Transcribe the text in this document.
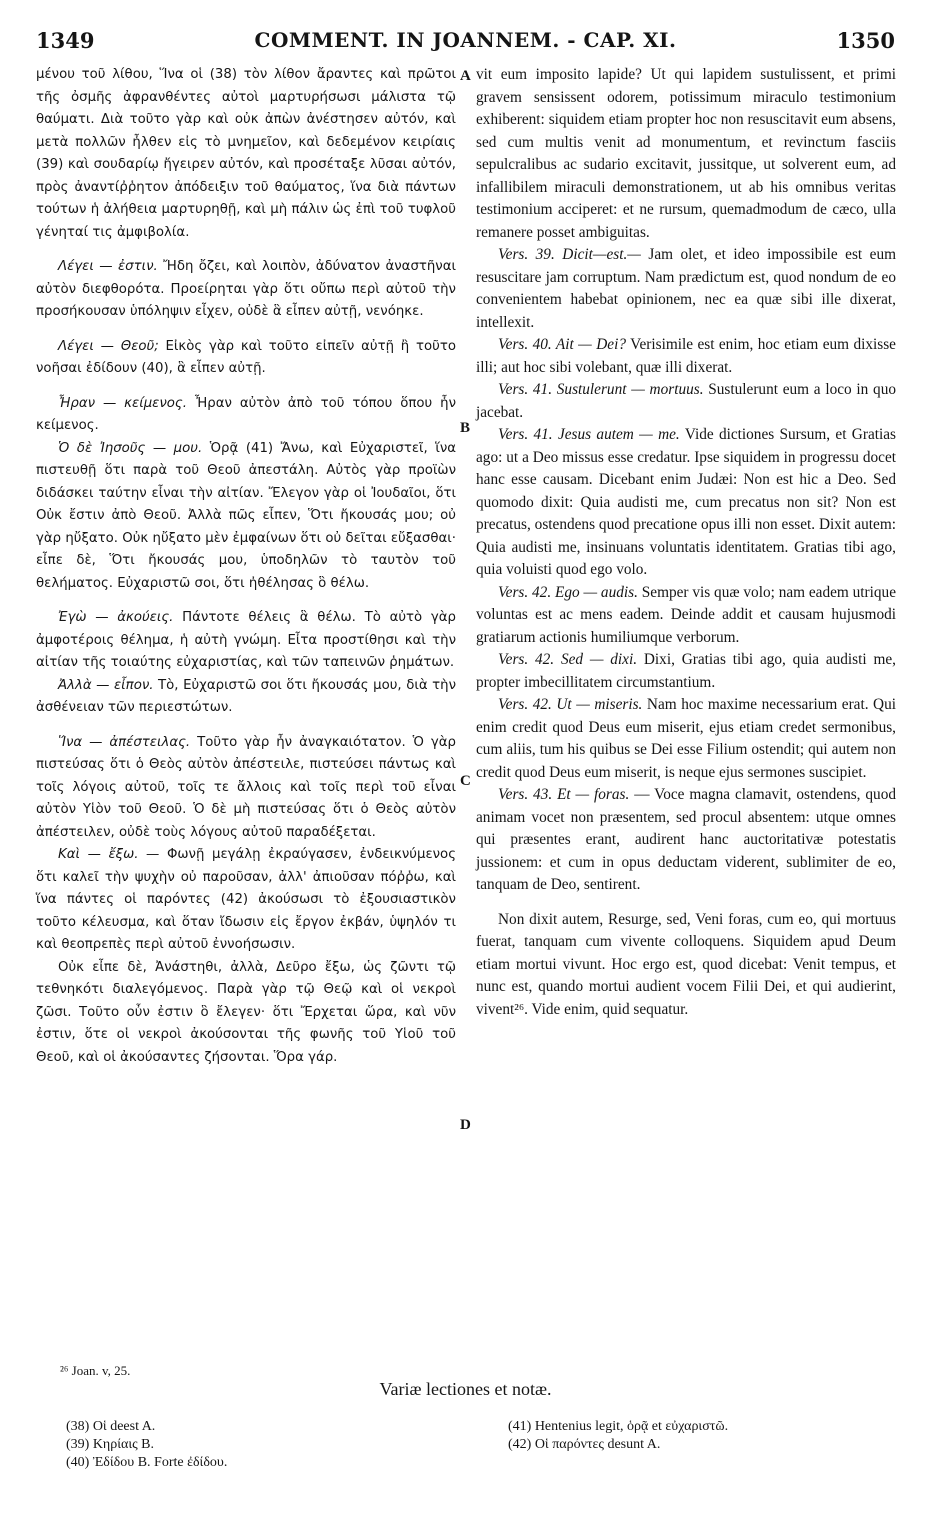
1349	COMMENT. IN JOANNEM. - CAP. XI.	1350

μένου τοῦ λίθου, Ἵνα οἱ (38) τὸν λίθον ἄραντες καὶ πρῶτοι τῆς ὀσμῆς ἀφρανθέντες αὐτοὶ μαρτυρήσωσι μάλιστα τῷ θαύματι. Διὰ τοῦτο γὰρ καὶ οὐκ ἀπὼν ἀνέστησεν αὐτόν, καὶ μετὰ πολλῶν ἦλθεν εἰς τὸ μνημεῖον, καὶ δεδεμένον κειρίαις (39) καὶ σουδαρίῳ ἤγειρεν αὐτόν, καὶ προσέταξε λῦσαι αὐτόν, πρὸς ἀναντίῤῥητον ἀπόδειξιν τοῦ θαύματος, ἵνα διὰ πάντων τούτων ἡ ἀλήθεια μαρτυρηθῇ, καὶ μὴ πάλιν ὡς ἐπὶ τοῦ τυφλοῦ γένηταί τις ἀμφιβολία.

Λέγει — ἐστιν. Ἤδη ὄζει, καὶ λοιπὸν, ἀδύνατον ἀναστῆναι αὐτὸν διεφθορότα. Προείρηται γὰρ ὅτι οὔπω περὶ αὐτοῦ τὴν προσήκουσαν ὑπόληψιν εἶχεν, οὐδὲ ἃ εἶπεν αὐτῇ, νενόηκε.

Λέγει — Θεοῦ; Εἰκὸς γὰρ καὶ τοῦτο εἰπεῖν αὐτῇ ἢ τοῦτο νοῆσαι ἐδίδουν (40), ἃ εἶπεν αὐτῇ.

Ἦραν — κείμενος. Ἦραν αὐτὸν ἀπὸ τοῦ τόπου ὅπου ἦν κείμενος.

Ὁ δὲ Ἰησοῦς — μου. Ὁρᾷ (41) Ἄνω, καὶ Εὐχαριστεῖ, ἵνα πιστευθῇ ὅτι παρὰ τοῦ Θεοῦ ἀπεστάλη. Αὐτὸς γὰρ προϊὼν διδάσκει ταύτην εἶναι τὴν αἰτίαν. Ἔλεγον γὰρ οἱ Ἰουδαῖοι, ὅτι Οὐκ ἔστιν ἀπὸ Θεοῦ. Ἀλλὰ πῶς εἶπεν, Ὅτι ἤκουσάς μου; οὐ γὰρ ηὔξατο. Οὐκ ηὔξατο μὲν ἐμφαίνων ὅτι οὐ δεῖται εὔξασθαι· εἶπε δὲ, Ὅτι ἤκουσάς μου, ὑποδηλῶν τὸ ταυτὸν τοῦ θελήματος. Εὐχαριστῶ σοι, ὅτι ἠθέλησας ὃ θέλω.

Ἐγὼ — ἀκούεις. Πάντοτε θέλεις ἃ θέλω. Τὸ αὐτὸ γὰρ ἀμφοτέροις θέλημα, ἡ αὐτὴ γνώμη. Εἶτα προστίθησι καὶ τὴν αἰτίαν τῆς τοιαύτης εὐχαριστίας, καὶ τῶν ταπεινῶν ῥημάτων.

Ἀλλὰ — εἶπον. Τὸ, Εὐχαριστῶ σοι ὅτι ἤκουσάς μου, διὰ τὴν ἀσθένειαν τῶν περιεστώτων.

Ἵνα — ἀπέστειλας. Τοῦτο γὰρ ἦν ἀναγκαιότατον. Ὁ γὰρ πιστεύσας ὅτι ὁ Θεὸς αὐτὸν ἀπέστειλε, πιστεύσει πάντως καὶ τοῖς λόγοις αὐτοῦ, τοῖς τε ἄλλοις καὶ τοῖς περὶ τοῦ εἶναι αὐτὸν Υἱὸν τοῦ Θεοῦ. Ὁ δὲ μὴ πιστεύσας ὅτι ὁ Θεὸς αὐτὸν ἀπέστειλεν, οὐδὲ τοὺς λόγους αὐτοῦ παραδέξεται.

Καὶ — ἔξω. — Φωνῇ μεγάλῃ ἐκραύγασεν, ἐνδεικνύμενος ὅτι καλεῖ τὴν ψυχὴν οὐ παροῦσαν, ἀλλ' ἀπιοῦσαν πόῤῥω, καὶ ἵνα πάντες οἱ παρόντες (42) ἀκούσωσι τὸ ἐξουσιαστικὸν τοῦτο κέλευσμα, καὶ ὅταν ἴδωσιν εἰς ἔργον ἐκβάν, ὑψηλόν τι καὶ θεοπρεπὲς περὶ αὐτοῦ ἐννοήσωσιν.

Οὐκ εἶπε δὲ, Ἀνάστηθι, ἀλλὰ, Δεῦρο ἔξω, ὡς ζῶντι τῷ τεθνηκότι διαλεγόμενος. Παρὰ γὰρ τῷ Θεῷ καὶ οἱ νεκροὶ ζῶσι. Τοῦτο οὖν ἐστιν ὃ ἔλεγεν· ὅτι Ἔρχεται ὥρα, καὶ νῦν ἐστιν, ὅτε οἱ νεκροὶ ἀκούσονται τῆς φωνῆς τοῦ Υἱοῦ τοῦ Θεοῦ, καὶ οἱ ἀκούσαντες ζήσονται. Ὅρα γάρ.

vit eum imposito lapide? Ut qui lapidem sustulissent, et primi gravem sensissent odorem, potissimum miraculo testimonium exhiberent: siquidem etiam propter hoc non resuscitavit eum absens, sed cum multis venit ad monumentum, et revinctum fasciis sepulcralibus ac sudario excitavit, jussitque, ut solverent eum, ad infallibilem miraculi demonstrationem, ut ab his omnibus veritas testimonium acciperet: et ne rursum, quemadmodum de cæco, ulla remanere posset ambiguitas.

Vers. 39. Dicit—est.— Jam olet, et ideo impossibile est eum resuscitare jam corruptum. Nam prædictum est, quod nondum de eo convenientem habebat opinionem, nec ea quæ sibi ille dixerat, intellexit.

Vers. 40. Ait — Dei? Verisimile est enim, hoc etiam eum dixisse illi; aut hoc sibi volebant, quæ illi dixerat.

Vers. 41. Sustulerunt — mortuus. Sustulerunt eum a loco in quo jacebat.

Vers. 41. Jesus autem — me. Vide dictiones Sursum, et Gratias ago: ut a Deo missus esse credatur. Ipse siquidem in progressu docet hanc esse causam. Dicebant enim Judæi: Non est hic a Deo. Sed quomodo dixit: Quia audisti me, cum precatus non sit? Non est precatus, ostendens quod precatione opus illi non esset. Dixit autem: Quia audisti me, insinuans voluntatis identitatem. Gratias tibi ago, quia voluisti quod ego volo.

Vers. 42. Ego — audis. Semper vis quæ volo; nam eadem utrique voluntas est ac mens eadem. Deinde addit et causam hujusmodi gratiarum actionis humiliumque verborum.

Vers. 42. Sed — dixi. Dixi, Gratias tibi ago, quia audisti me, propter imbecillitatem circumstantium.

Vers. 42. Ut — miseris. Nam hoc maxime necessarium erat. Qui enim credit quod Deus eum miserit, ejus etiam credet sermonibus, cum aliis, tum his quibus se Dei esse Filium ostendit; qui autem non credit quod Deus eum miserit, is neque ejus sermones suscipiet.

Vers. 43. Et — foras. — Voce magna clamavit, ostendens, quod animam vocet non præsentem, sed procul absentem: utque omnes qui præsentes erant, audirent hanc auctoritativæ potestatis jussionem: et cum in opus deductam viderent, sublimiter de eo, tanquam de Deo, sentirent.

Non dixit autem, Resurge, sed, Veni foras, cum eo, qui mortuus fuerat, tanquam cum vivente colloquens. Siquidem apud Deum etiam mortui vivunt. Hoc ergo est, quod dicebat: Venit tempus, et nunc est, quando mortui audient vocem Filii Dei, et qui audierint, vivent²⁶. Vide enim, quid sequatur.

A
B
C
D
²⁶ Joan. v, 25.
Variæ lectiones et notæ.
(38) Oἱ deest A.
(39) Κηρίαις B.
(40) Ἐδίδου B. Forte ἐδίδου.
(41) Hentenius legit, ὁρᾷ et εὐχαριστῶ.
(42) Οἱ παρόντες desunt A.
